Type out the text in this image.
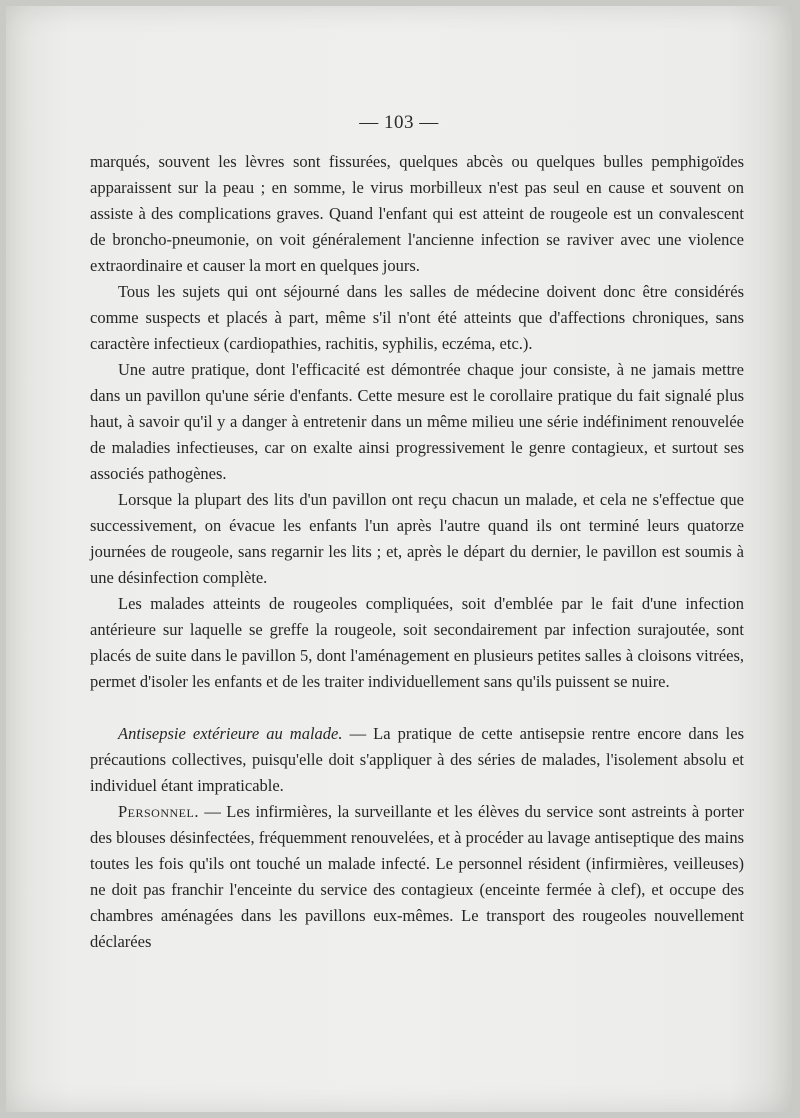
— 103 —

marqués, souvent les lèvres sont fissurées, quelques abcès ou quelques bulles pemphigoïdes apparaissent sur la peau ; en somme, le virus morbilleux n'est pas seul en cause et souvent on assiste à des complications graves. Quand l'enfant qui est atteint de rougeole est un convalescent de broncho-pneumonie, on voit généralement l'ancienne infection se raviver avec une violence extraordinaire et causer la mort en quelques jours.

Tous les sujets qui ont séjourné dans les salles de médecine doivent donc être considérés comme suspects et placés à part, même s'il n'ont été atteints que d'affections chroniques, sans caractère infectieux (cardiopathies, rachitis, syphilis, eczéma, etc.).

Une autre pratique, dont l'efficacité est démontrée chaque jour consiste, à ne jamais mettre dans un pavillon qu'une série d'enfants. Cette mesure est le corollaire pratique du fait signalé plus haut, à savoir qu'il y a danger à entretenir dans un même milieu une série indéfiniment renouvelée de maladies infectieuses, car on exalte ainsi progressivement le genre contagieux, et surtout ses associés pathogènes.

Lorsque la plupart des lits d'un pavillon ont reçu chacun un malade, et cela ne s'effectue que successivement, on évacue les enfants l'un après l'autre quand ils ont terminé leurs quatorze journées de rougeole, sans regarnir les lits ; et, après le départ du dernier, le pavillon est soumis à une désinfection complète.

Les malades atteints de rougeoles compliquées, soit d'emblée par le fait d'une infection antérieure sur laquelle se greffe la rougeole, soit secondairement par infection surajoutée, sont placés de suite dans le pavillon 5, dont l'aménagement en plusieurs petites salles à cloisons vitrées, permet d'isoler les enfants et de les traiter individuellement sans qu'ils puissent se nuire.

Antisepsie extérieure au malade. — La pratique de cette antisepsie rentre encore dans les précautions collectives, puisqu'elle doit s'appliquer à des séries de malades, l'isolement absolu et individuel étant impraticable.

Personnel. — Les infirmières, la surveillante et les élèves du service sont astreints à porter des blouses désinfectées, fréquemment renouvelées, et à procéder au lavage antiseptique des mains toutes les fois qu'ils ont touché un malade infecté. Le personnel résident (infirmières, veilleuses) ne doit pas franchir l'enceinte du service des contagieux (enceinte fermée à clef), et occupe des chambres aménagées dans les pavillons eux-mêmes. Le transport des rougeoles nouvellement déclarées
